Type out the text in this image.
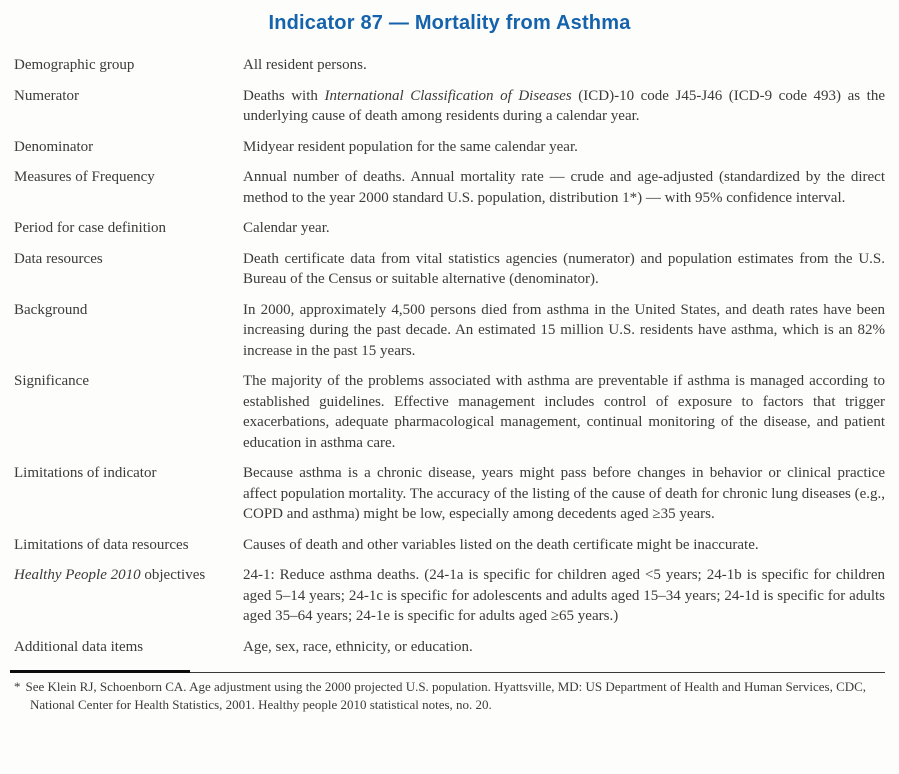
Indicator 87 — Mortality from Asthma
Demographic group	All resident persons.
Numerator	Deaths with International Classification of Diseases (ICD)-10 code J45-J46 (ICD-9 code 493) as the underlying cause of death among residents during a calendar year.
Denominator	Midyear resident population for the same calendar year.
Measures of Frequency	Annual number of deaths. Annual mortality rate — crude and age-adjusted (standardized by the direct method to the year 2000 standard U.S. population, distribution 1*) — with 95% confidence interval.
Period for case definition	Calendar year.
Data resources	Death certificate data from vital statistics agencies (numerator) and population estimates from the U.S. Bureau of the Census or suitable alternative (denominator).
Background	In 2000, approximately 4,500 persons died from asthma in the United States, and death rates have been increasing during the past decade. An estimated 15 million U.S. residents have asthma, which is an 82% increase in the past 15 years.
Significance	The majority of the problems associated with asthma are preventable if asthma is managed according to established guidelines. Effective management includes control of exposure to factors that trigger exacerbations, adequate pharmacological management, continual monitoring of the disease, and patient education in asthma care.
Limitations of indicator	Because asthma is a chronic disease, years might pass before changes in behavior or clinical practice affect population mortality. The accuracy of the listing of the cause of death for chronic lung diseases (e.g., COPD and asthma) might be low, especially among decedents aged ≥35 years.
Limitations of data resources	Causes of death and other variables listed on the death certificate might be inaccurate.
Healthy People 2010 objectives	24-1: Reduce asthma deaths. (24-1a is specific for children aged <5 years; 24-1b is specific for children aged 5–14 years; 24-1c is specific for adolescents and adults aged 15–34 years; 24-1d is specific for adults aged 35–64 years; 24-1e is specific for adults aged ≥65 years.)
Additional data items	Age, sex, race, ethnicity, or education.
* See Klein RJ, Schoenborn CA. Age adjustment using the 2000 projected U.S. population. Hyattsville, MD: US Department of Health and Human Services, CDC, National Center for Health Statistics, 2001. Healthy people 2010 statistical notes, no. 20.
